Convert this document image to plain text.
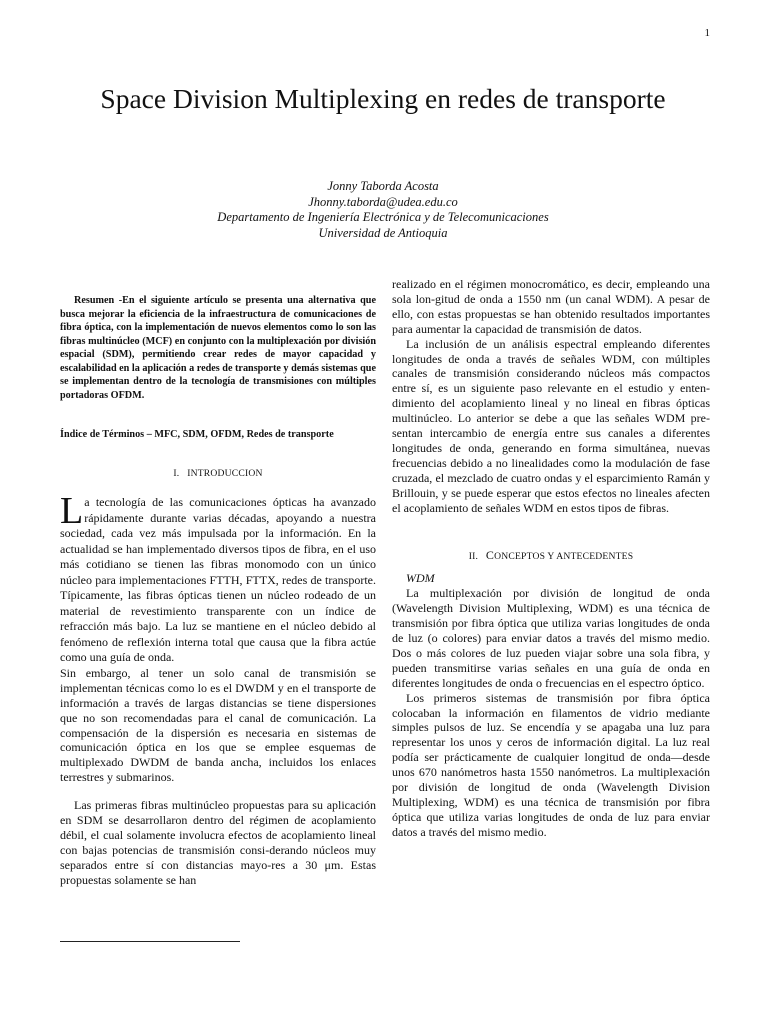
1
Space Division Multiplexing en redes de transporte
Jonny Taborda Acosta
Jhonny.taborda@udea.edu.co
Departamento de Ingeniería Electrónica y de Telecomunicaciones
Universidad de Antioquia

Resumen -En el siguiente artículo se presenta una alternativa que busca mejorar la eficiencia de la infraestructura de comunicaciones de fibra óptica, con la implementación de nuevos elementos como lo son las fibras multinúcleo (MCF) en conjunto con la multiplexación por división espacial (SDM), permitiendo crear redes de mayor capacidad y escalabilidad en la aplicación a redes de transporte y demás sistemas que se implementan dentro de la tecnología de transmisiones con múltiples portadoras OFDM.

Índice de Términos – MFC, SDM, OFDM, Redes de transporte

I. INTRODUCCION

La tecnología de las comunicaciones ópticas ha avanzado rápidamente durante varias décadas, apoyando a nuestra sociedad, cada vez más impulsada por la información. En la actualidad se han implementado diversos tipos de fibra, en el uso más cotidiano se tienen las fibras monomodo con un único núcleo para implementaciones FTTH, FTTX, redes de transporte. Típicamente, las fibras ópticas tienen un núcleo rodeado de un material de revestimiento transparente con un índice de refracción más bajo. La luz se mantiene en el núcleo debido al fenómeno de reflexión interna total que causa que la fibra actúe como una guía de onda.

Sin embargo, al tener un solo canal de transmisión se implementan técnicas como lo es el DWDM y en el transporte de información a través de largas distancias se tiene dispersiones que no son recomendadas para el canal de comunicación. La compensación de la dispersión es necesaria en sistemas de comunicación óptica en los que se emplee esquemas de multiplexado DWDM de banda ancha, incluidos los enlaces terrestres y submarinos.

Las primeras fibras multinúcleo propuestas para su aplicación en SDM se desarrollaron dentro del régimen de acoplamiento débil, el cual solamente involucra efectos de acoplamiento lineal con bajas potencias de transmisión consi-derando núcleos muy separados entre sí con distancias mayo-res a 30 μm. Estas propuestas solamente se han

realizado en el régimen monocromático, es decir, empleando una sola lon-gitud de onda a 1550 nm (un canal WDM). A pesar de ello, con estas propuestas se han obtenido resultados importantes para aumentar la capacidad de transmisión de datos.

La inclusión de un análisis espectral empleando diferentes longitudes de onda a través de señales WDM, con múltiples canales de transmisión considerando núcleos más compactos entre sí, es un siguiente paso relevante en el estudio y enten-dimiento del acoplamiento lineal y no lineal en fibras ópticas multinúcleo. Lo anterior se debe a que las señales WDM pre-sentan intercambio de energía entre sus canales a diferentes longitudes de onda, generando en forma simultánea, nuevas frecuencias debido a no linealidades como la modulación de fase cruzada, el mezclado de cuatro ondas y el esparcimiento Ramán y Brillouin, y se puede esperar que estos efectos no lineales afecten el acoplamiento de señales WDM en estos tipos de fibras.

II. CONCEPTOS Y ANTECEDENTES

WDM

La multiplexación por división de longitud de onda (Wavelength Division Multiplexing, WDM) es una técnica de transmisión por fibra óptica que utiliza varias longitudes de onda de luz (o colores) para enviar datos a través del mismo medio. Dos o más colores de luz pueden viajar sobre una sola fibra, y pueden transmitirse varias señales en una guía de onda en diferentes longitudes de onda o frecuencias en el espectro óptico.

Los primeros sistemas de transmisión por fibra óptica colocaban la información en filamentos de vidrio mediante simples pulsos de luz. Se encendía y se apagaba una luz para representar los unos y ceros de información digital. La luz real podía ser prácticamente de cualquier longitud de onda—desde unos 670 nanómetros hasta 1550 nanómetros. La multiplexación por división de longitud de onda (Wavelength Division Multiplexing, WDM) es una técnica de transmisión por fibra óptica que utiliza varias longitudes de onda de luz para enviar datos a través del mismo medio.
